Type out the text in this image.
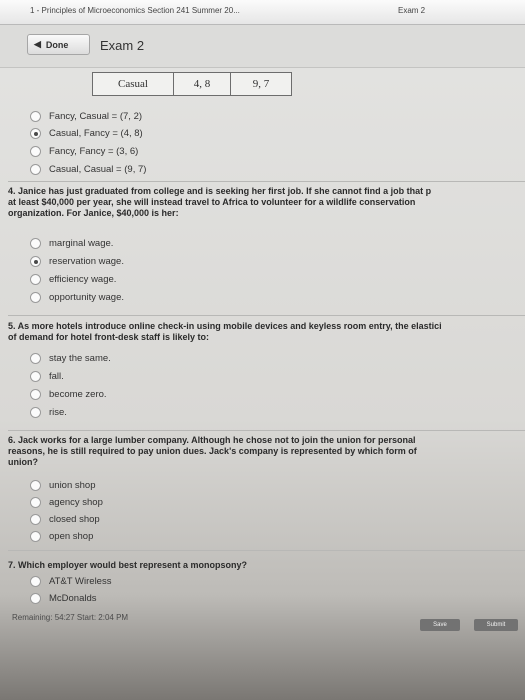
1 - Principles of Microeconomics Section 241 Summer 20...	Exam 2
◀ Done Exam 2
Casual	4, 8	9, 7
Fancy, Casual = (7, 2)
Casual, Fancy = (4, 8)
Fancy, Fancy = (3, 6)
Casual, Casual = (9, 7)
4. Janice has just graduated from college and is seeking her first job. If she cannot find a job that p
at least $40,000 per year, she will instead travel to Africa to volunteer for a wildlife conservation
organization. For Janice, $40,000 is her:
marginal wage.
reservation wage.
efficiency wage.
opportunity wage.
5. As more hotels introduce online check-in using mobile devices and keyless room entry, the elastici
of demand for hotel front-desk staff is likely to:
stay the same.
fall.
become zero.
rise.
6. Jack works for a large lumber company. Although he chose not to join the union for personal
reasons, he is still required to pay union dues. Jack's company is represented by which form of
union?
union shop
agency shop
closed shop
open shop
7. Which employer would best represent a monopsony?
AT&T Wireless
McDonalds
Remaining: 54:27 Start: 2:04 PM
Save	Submit
